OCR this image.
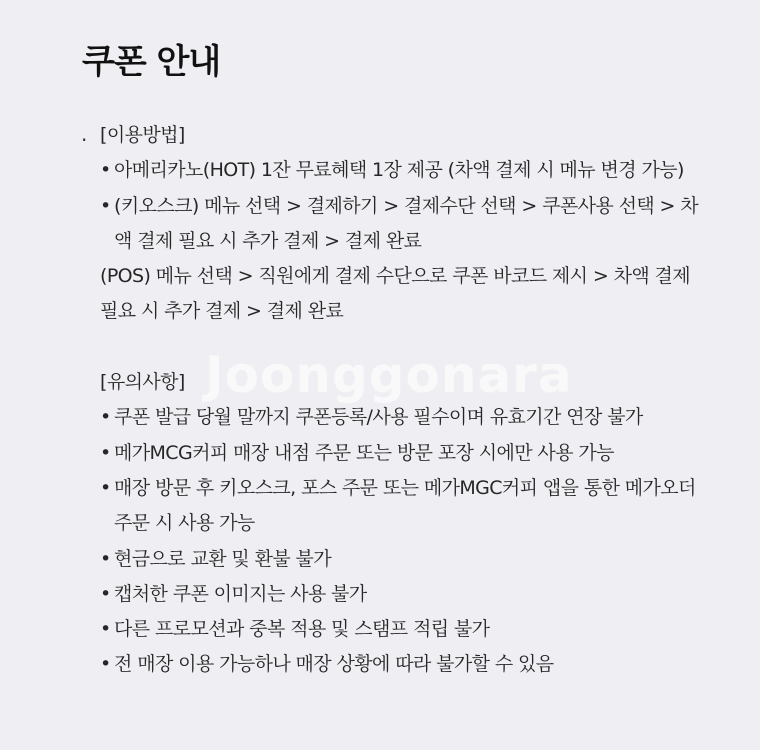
쿠폰 안내
Joonggonara
· [이용방법]
• 아메리카노(HOT) 1잔 무료혜택 1장 제공 (차액 결제 시 메뉴 변경 가능)
• (키오스크) 메뉴 선택 > 결제하기 > 결제수단 선택 > 쿠폰사용 선택 > 차액 결제 필요 시 추가 결제 > 결제 완료
(POS) 메뉴 선택 > 직원에게 결제 수단으로 쿠폰 바코드 제시 > 차액 결제 필요 시 추가 결제 > 결제 완료
[유의사항]
• 쿠폰 발급 당월 말까지 쿠폰등록/사용 필수이며 유효기간 연장 불가
• 메가MCG커피 매장 내점 주문 또는 방문 포장 시에만 사용 가능
• 매장 방문 후 키오스크, 포스 주문 또는 메가MGC커피 앱을 통한 메가오더 주문 시 사용 가능
• 현금으로 교환 및 환불 불가
• 캡처한 쿠폰 이미지는 사용 불가
• 다른 프로모션과 중복 적용 및 스탬프 적립 불가
• 전 매장 이용 가능하나 매장 상황에 따라 불가할 수 있음
